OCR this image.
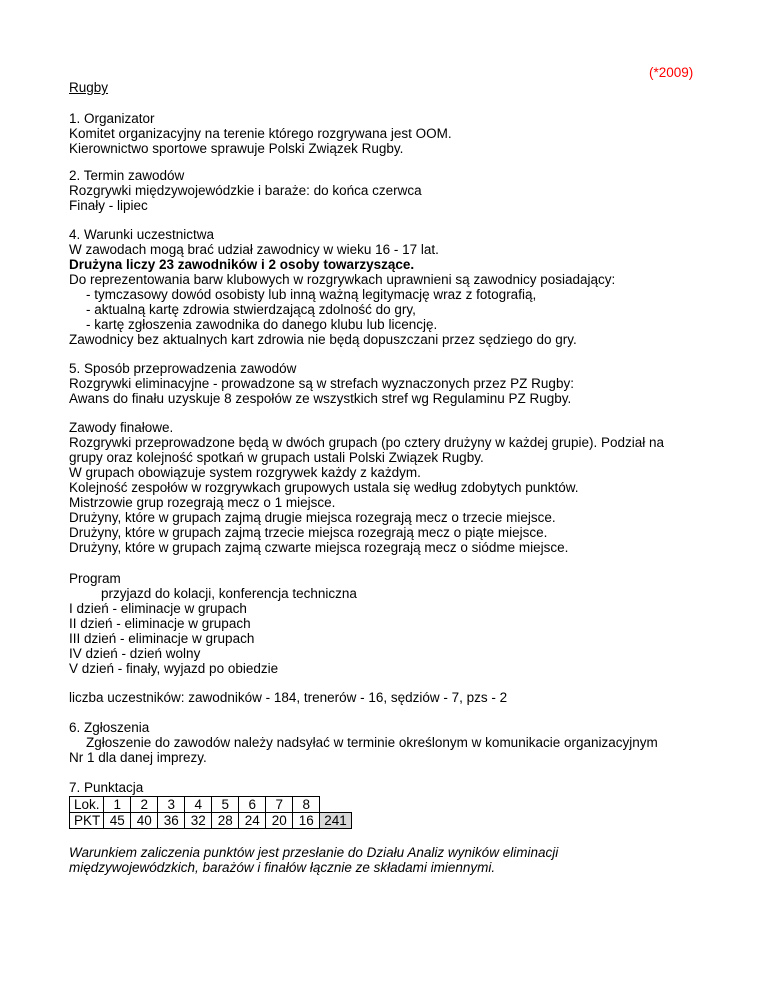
(*2009)
Rugby
1. Organizator
Komitet organizacyjny na terenie którego rozgrywana jest OOM.
Kierownictwo sportowe sprawuje Polski Związek Rugby.
2. Termin zawodów
Rozgrywki międzywojewódzkie i baraże: do końca czerwca
Finały - lipiec
4. Warunki uczestnictwa
W zawodach mogą brać udział zawodnicy w wieku 16 - 17 lat.
Drużyna liczy 23 zawodników i 2 osoby towarzyszące.
Do reprezentowania barw klubowych w rozgrywkach uprawnieni są zawodnicy posiadający:
- tymczasowy dowód osobisty lub inną ważną legitymację wraz z fotografią,
- aktualną kartę zdrowia stwierdzającą zdolność do gry,
- kartę zgłoszenia zawodnika do danego klubu lub licencję.
Zawodnicy bez aktualnych kart zdrowia nie będą dopuszczani przez sędziego do gry.
5. Sposób przeprowadzenia zawodów
Rozgrywki eliminacyjne - prowadzone są w strefach wyznaczonych przez PZ Rugby:
Awans do finału uzyskuje 8 zespołów ze wszystkich stref wg Regulaminu PZ Rugby.
Zawody finałowe.
Rozgrywki przeprowadzone będą w dwóch grupach (po cztery drużyny w każdej grupie). Podział na
grupy oraz kolejność spotkań w grupach ustali Polski Związek Rugby.
W grupach obowiązuje system rozgrywek każdy z każdym.
Kolejność zespołów w rozgrywkach grupowych ustala się według zdobytych punktów.
Mistrzowie grup rozegrają mecz o 1 miejsce.
Drużyny, które w grupach zajmą drugie miejsca rozegrają mecz o trzecie miejsce.
Drużyny, które w grupach zajmą trzecie miejsca rozegrają mecz o piąte miejsce.
Drużyny, które w grupach zajmą czwarte miejsca rozegrają mecz o siódme miejsce.
Program
przyjazd do kolacji, konferencja techniczna
I dzień - eliminacje w grupach
II dzień - eliminacje w grupach
III dzień - eliminacje w grupach
IV dzień - dzień wolny
V dzień - finały, wyjazd po obiedzie
liczba uczestników: zawodników - 184, trenerów - 16, sędziów - 7, pzs - 2
6. Zgłoszenia
Zgłoszenie do zawodów należy nadsyłać w terminie określonym w komunikacie organizacyjnym
Nr 1 dla danej imprezy.
7. Punktacja
Lok.	1	2	3	4	5	6	7	8	
PKT	45	40	36	32	28	24	20	16	241
Warunkiem zaliczenia punktów jest przesłanie do Działu Analiz wyników eliminacji
międzywojewódzkich, barażów i finałów łącznie ze składami imiennymi.
